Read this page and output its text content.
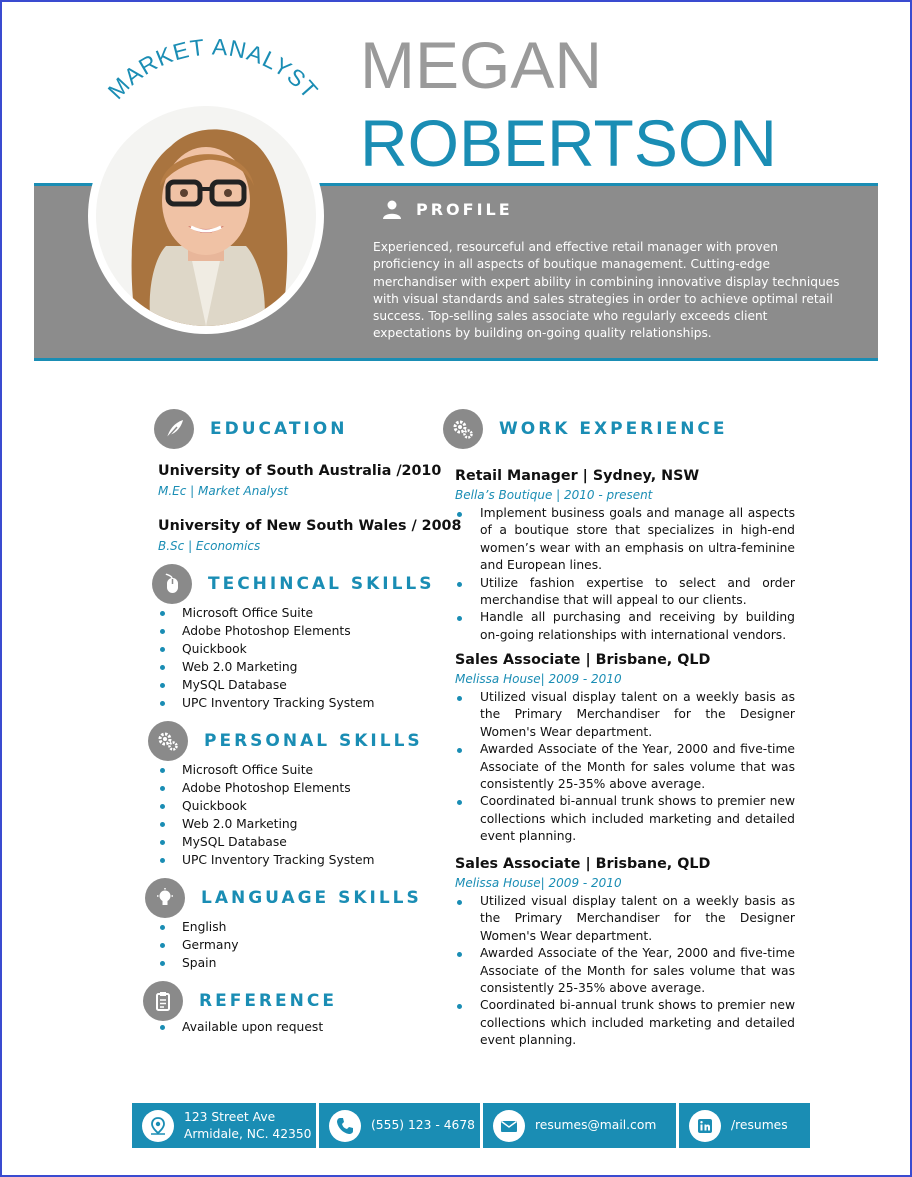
MEGAN
ROBERTSON
MARKET ANALYST
PROFILE
Experienced, resourceful and effective retail manager with proven proficiency in all aspects of boutique management. Cutting-edge merchandiser with expert ability in combining innovative display techniques with visual standards and sales strategies in order to achieve optimal retail success. Top-selling sales associate who regularly exceeds client expectations by building on-going quality relationships.
EDUCATION
University of South Australia /2010
M.Ec | Market Analyst
University of New South Wales / 2008
B.Sc | Economics
TECHINCAL SKILLS
Microsoft Office Suite
Adobe Photoshop Elements
Quickbook
Web 2.0 Marketing
MySQL Database
UPC Inventory Tracking System
PERSONAL SKILLS
Microsoft Office Suite
Adobe Photoshop Elements
Quickbook
Web 2.0 Marketing
MySQL Database
UPC Inventory Tracking System
LANGUAGE SKILLS
English
Germany
Spain
REFERENCE
Available upon request
WORK EXPERIENCE
Retail Manager | Sydney, NSW
Bella’s Boutique | 2010 - present
Implement business goals and manage all aspects of a boutique store that specializes in high-end women’s wear with an emphasis on ultra-feminine and European lines.
Utilize fashion expertise to select and order merchandise that will appeal to our clients.
Handle all purchasing and receiving by building on-going relationships with international vendors.
Sales Associate | Brisbane, QLD
Melissa House| 2009 - 2010
Utilized visual display talent on a weekly basis as the Primary Merchandiser for the Designer Women's Wear department.
Awarded Associate of the Year, 2000 and five-time Associate of the Month for sales volume that was consistently 25-35% above average.
Coordinated bi-annual trunk shows to premier new collections which included marketing and detailed event planning.
Sales Associate | Brisbane, QLD
Melissa House| 2009 - 2010
Utilized visual display talent on a weekly basis as the Primary Merchandiser for the Designer Women's Wear department.
Awarded Associate of the Year, 2000 and five-time Associate of the Month for sales volume that was consistently 25-35% above average.
Coordinated bi-annual trunk shows to premier new collections which included marketing and detailed event planning.
123 Street Ave
Armidale, NC. 42350
(555) 123 - 4678	resumes@mail.com	/resumes
